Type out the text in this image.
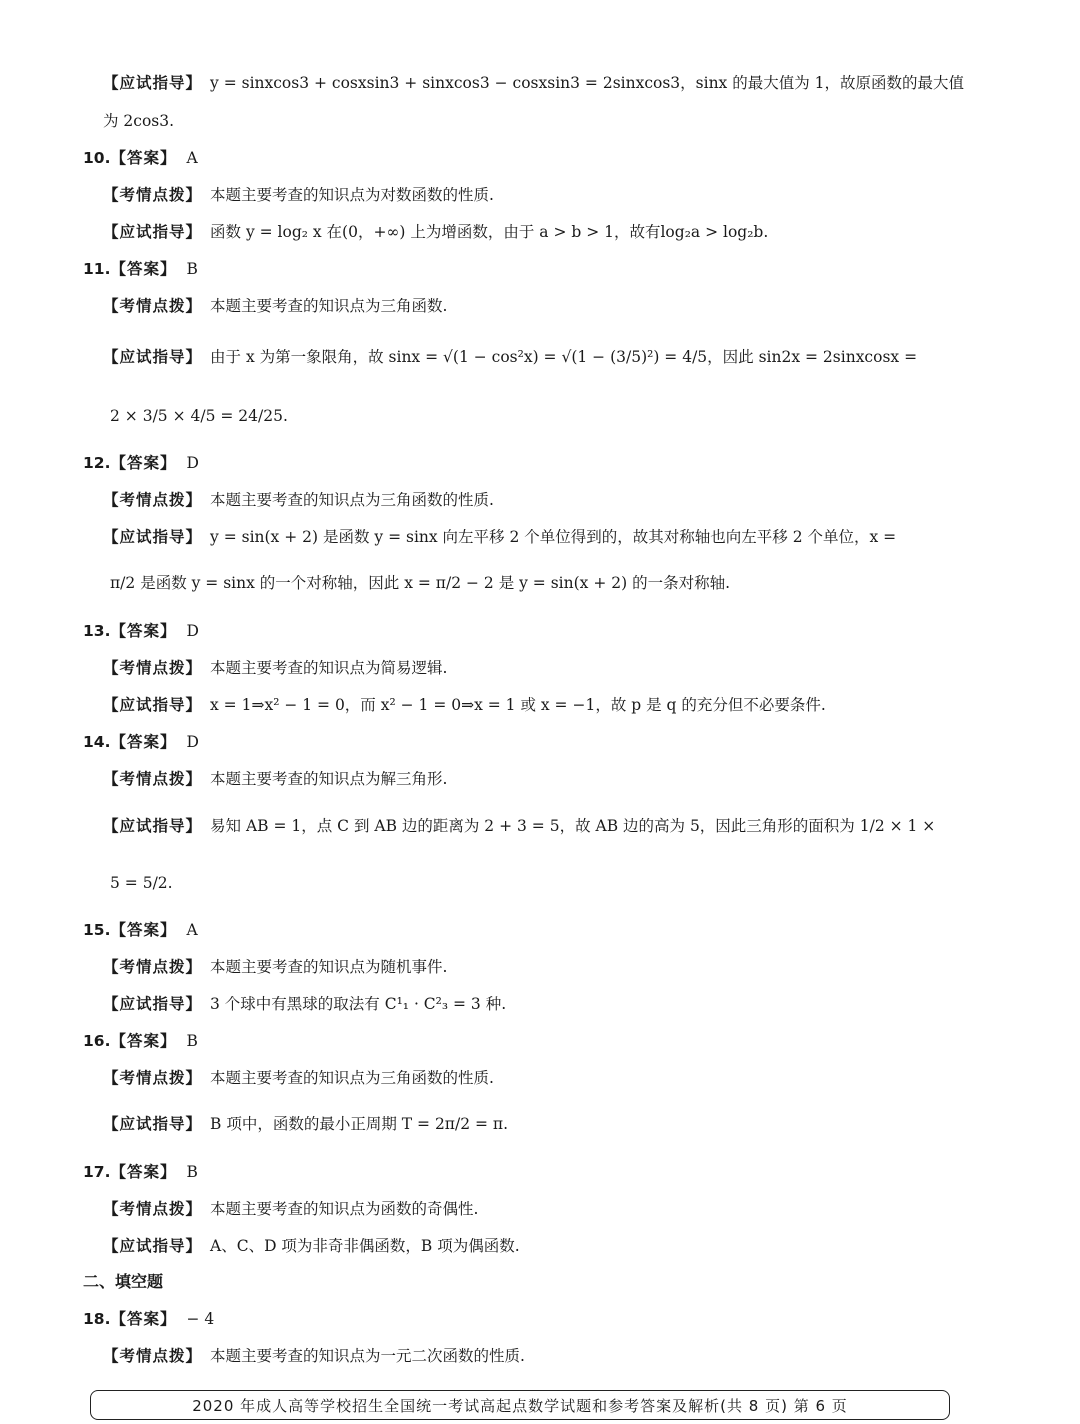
【应试指导】 y = sinxcos3 + cosxsin3 + sinxcos3 − cosxsin3 = 2sinxcos3，sinx 的最大值为 1，故原函数的最大值
为 2cos3.
10.【答案】 A
【考情点拨】 本题主要考查的知识点为对数函数的性质.
【应试指导】 函数 y = log₂ x 在(0，+∞) 上为增函数，由于 a > b > 1，故有log₂a > log₂b.
11.【答案】 B
【考情点拨】 本题主要考查的知识点为三角函数.
【应试指导】 由于 x 为第一象限角，故 sinx = √(1 − cos²x) = √(1 − (3/5)²) = 4/5，因此 sin2x = 2sinxcosx =
2 × 3/5 × 4/5 = 24/25.
12.【答案】 D
【考情点拨】 本题主要考查的知识点为三角函数的性质.
【应试指导】 y = sin(x + 2) 是函数 y = sinx 向左平移 2 个单位得到的，故其对称轴也向左平移 2 个单位，x =
π/2 是函数 y = sinx 的一个对称轴，因此 x = π/2 − 2 是 y = sin(x + 2) 的一条对称轴.
13.【答案】 D
【考情点拨】 本题主要考查的知识点为简易逻辑.
【应试指导】 x = 1⇒x² − 1 = 0，而 x² − 1 = 0⇒x = 1 或 x = −1，故 p 是 q 的充分但不必要条件.
14.【答案】 D
【考情点拨】 本题主要考查的知识点为解三角形.
【应试指导】 易知 AB = 1，点 C 到 AB 边的距离为 2 + 3 = 5，故 AB 边的高为 5，因此三角形的面积为 1/2 × 1 ×
5 = 5/2.
15.【答案】 A
【考情点拨】 本题主要考查的知识点为随机事件.
【应试指导】 3 个球中有黑球的取法有 C¹₁ · C²₃ = 3 种.
16.【答案】 B
【考情点拨】 本题主要考查的知识点为三角函数的性质.
【应试指导】 B 项中，函数的最小正周期 T = 2π/2 = π.
17.【答案】 B
【考情点拨】 本题主要考查的知识点为函数的奇偶性.
【应试指导】 A、C、D 项为非奇非偶函数，B 项为偶函数.
18.【答案】 − 4
【考情点拨】 本题主要考查的知识点为一元二次函数的性质.
二、填空题
2020 年成人高等学校招生全国统一考试高起点数学试题和参考答案及解析(共 8 页) 第 6 页
